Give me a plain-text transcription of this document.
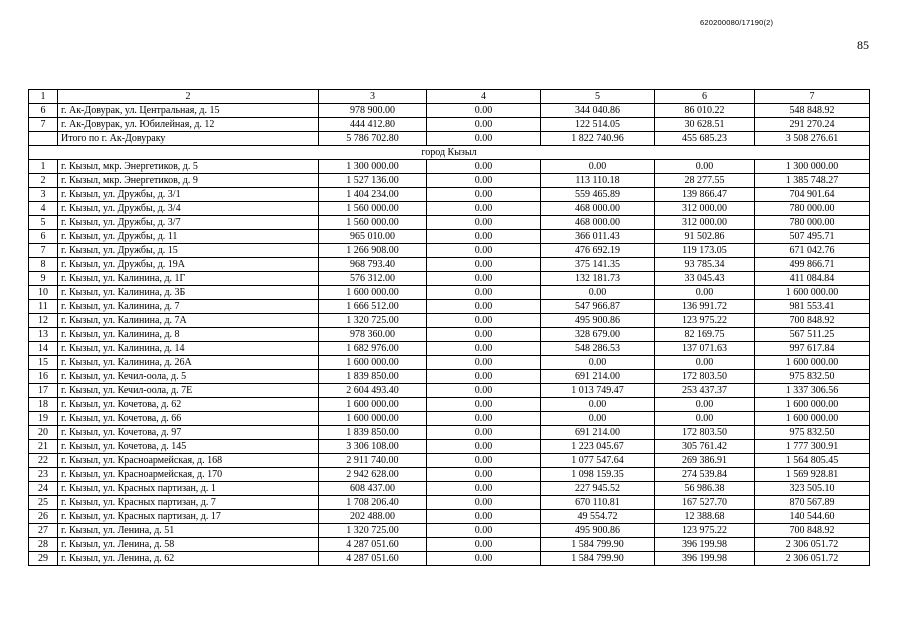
620200080/17190(2)
85
1	2	3	4	5	6	7
6	г. Ак-Довурак, ул. Центральная, д. 15	978 900.00	0.00	344 040.86	86 010.22	548 848.92
7	г. Ак-Довурак, ул. Юбилейная, д. 12	444 412.80	0.00	122 514.05	30 628.51	291 270.24
	Итого по г. Ак-Довураку	5 786 702.80	0.00	1 822 740.96	455 685.23	3 508 276.61
город Кызыл						
1	г. Кызыл, мкр. Энергетиков, д. 5	1 300 000.00	0.00	0.00	0.00	1 300 000.00
2	г. Кызыл, мкр. Энергетиков, д. 9	1 527 136.00	0.00	113 110.18	28 277.55	1 385 748.27
3	г. Кызыл, ул. Дружбы, д. 3/1	1 404 234.00	0.00	559 465.89	139 866.47	704 901.64
4	г. Кызыл, ул. Дружбы, д. 3/4	1 560 000.00	0.00	468 000.00	312 000.00	780 000.00
5	г. Кызыл, ул. Дружбы, д. 3/7	1 560 000.00	0.00	468 000.00	312 000.00	780 000.00
6	г. Кызыл, ул. Дружбы, д. 11	965 010.00	0.00	366 011.43	91 502.86	507 495.71
7	г. Кызыл, ул. Дружбы, д. 15	1 266 908.00	0.00	476 692.19	119 173.05	671 042.76
8	г. Кызыл, ул. Дружбы, д. 19А	968 793.40	0.00	375 141.35	93 785.34	499 866.71
9	г. Кызыл, ул. Калинина, д. 1Г	576 312.00	0.00	132 181.73	33 045.43	411 084.84
10	г. Кызыл, ул. Калинина, д. 3Б	1 600 000.00	0.00	0.00	0.00	1 600 000.00
11	г. Кызыл, ул. Калинина, д. 7	1 666 512.00	0.00	547 966.87	136 991.72	981 553.41
12	г. Кызыл, ул. Калинина, д. 7А	1 320 725.00	0.00	495 900.86	123 975.22	700 848.92
13	г. Кызыл, ул. Калинина, д. 8	978 360.00	0.00	328 679.00	82 169.75	567 511.25
14	г. Кызыл, ул. Калинина, д. 14	1 682 976.00	0.00	548 286.53	137 071.63	997 617.84
15	г. Кызыл, ул. Калинина, д. 26А	1 600 000.00	0.00	0.00	0.00	1 600 000.00
16	г. Кызыл, ул. Кечил-оола, д. 5	1 839 850.00	0.00	691 214.00	172 803.50	975 832.50
17	г. Кызыл, ул. Кечил-оола, д. 7Е	2 604 493.40	0.00	1 013 749.47	253 437.37	1 337 306.56
18	г. Кызыл, ул. Кочетова, д. 62	1 600 000.00	0.00	0.00	0.00	1 600 000.00
19	г. Кызыл, ул. Кочетова, д. 66	1 600 000.00	0.00	0.00	0.00	1 600 000.00
20	г. Кызыл, ул. Кочетова, д. 97	1 839 850.00	0.00	691 214.00	172 803.50	975 832.50
21	г. Кызыл, ул. Кочетова, д. 145	3 306 108.00	0.00	1 223 045.67	305 761.42	1 777 300.91
22	г. Кызыл, ул. Красноармейская, д. 168	2 911 740.00	0.00	1 077 547.64	269 386.91	1 564 805.45
23	г. Кызыл, ул. Красноармейская, д. 170	2 942 628.00	0.00	1 098 159.35	274 539.84	1 569 928.81
24	г. Кызыл, ул. Красных партизан, д. 1	608 437.00	0.00	227 945.52	56 986.38	323 505.10
25	г. Кызыл, ул. Красных партизан, д. 7	1 708 206.40	0.00	670 110.81	167 527.70	870 567.89
26	г. Кызыл, ул. Красных партизан, д. 17	202 488.00	0.00	49 554.72	12 388.68	140 544.60
27	г. Кызыл, ул. Ленина, д. 51	1 320 725.00	0.00	495 900.86	123 975.22	700 848.92
28	г. Кызыл, ул. Ленина, д. 58	4 287 051.60	0.00	1 584 799.90	396 199.98	2 306 051.72
29	г. Кызыл, ул. Ленина, д. 62	4 287 051.60	0.00	1 584 799.90	396 199.98	2 306 051.72
